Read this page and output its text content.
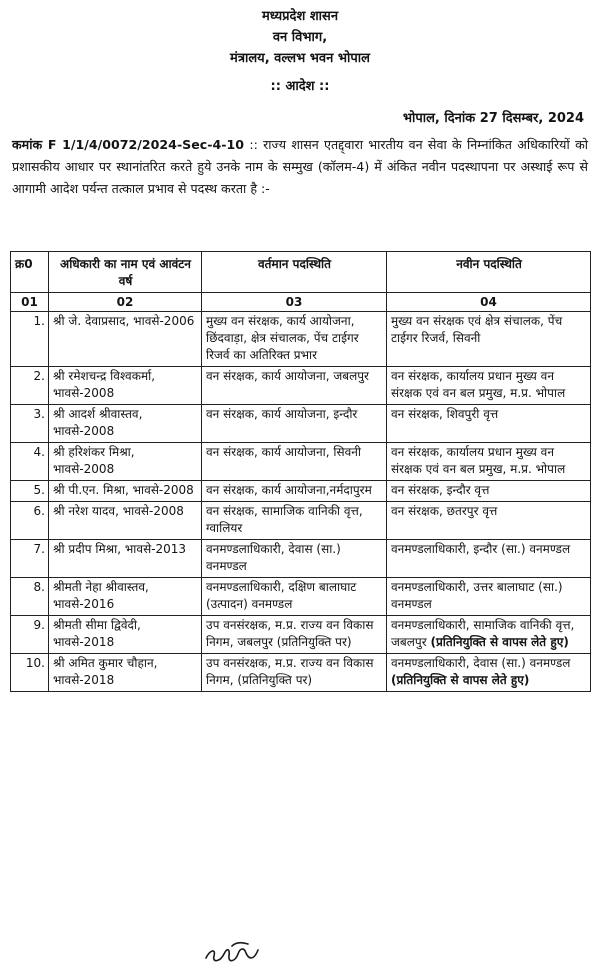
मध्यप्रदेश शासन
वन विभाग,
मंत्रालय, वल्लभ भवन भोपाल
:: आदेश ::
भोपाल, दिनांक 27 दिसम्बर, 2024
कमांक F 1/1/4/0072/2024-Sec-4-10 :: राज्य शासन एतद्द्वारा भारतीय वन सेवा के निम्नांकित अधिकारियों को प्रशासकीय आधार पर स्थानांतरित करते हुये उनके नाम के सम्मुख (कॉलम-4) में अंकित नवीन पदस्थापना पर अस्थाई रूप से आगामी आदेश पर्यन्त तत्काल प्रभाव से पदस्थ करता है :-
क्र0	अधिकारी का नाम एवं आवंटन वर्ष	वर्तमान पदस्थिति	नवीन पदस्थिति
01	02	03	04
1.	श्री जे. देवाप्रसाद, भावसे-2006	मुख्य वन संरक्षक, कार्य आयोजना, छिंदवाड़ा, क्षेत्र संचालक, पेंच टाईगर रिजर्व का अतिरिक्त प्रभार	मुख्य वन संरक्षक एवं क्षेत्र संचालक, पेंच टाईगर रिजर्व, सिवनी
2.	श्री रमेशचन्द्र विश्वकर्मा, भावसे-2008	वन संरक्षक, कार्य आयोजना, जबलपुर	वन संरक्षक, कार्यालय प्रधान मुख्य वन संरक्षक एवं वन बल प्रमुख, म.प्र. भोपाल
3.	श्री आदर्श श्रीवास्तव, भावसे-2008	वन संरक्षक, कार्य आयोजना, इन्दौर	वन संरक्षक, शिवपुरी वृत्त
4.	श्री हरिशंकर मिश्रा, भावसे-2008	वन संरक्षक, कार्य आयोजना, सिवनी	वन संरक्षक, कार्यालय प्रधान मुख्य वन संरक्षक एवं वन बल प्रमुख, म.प्र. भोपाल
5.	श्री पी.एन. मिश्रा, भावसे-2008	वन संरक्षक, कार्य आयोजना,नर्मदापुरम	वन संरक्षक, इन्दौर वृत्त
6.	श्री नरेश यादव, भावसे-2008	वन संरक्षक, सामाजिक वानिकी वृत्त, ग्वालियर	वन संरक्षक, छतरपुर वृत्त
7.	श्री प्रदीप मिश्रा, भावसे-2013	वनमण्डलाधिकारी, देवास (सा.) वनमण्डल	वनमण्डलाधिकारी, इन्दौर (सा.) वनमण्डल
8.	श्रीमती नेहा श्रीवास्तव, भावसे-2016	वनमण्डलाधिकारी, दक्षिण बालाघाट (उत्पादन) वनमण्डल	वनमण्डलाधिकारी, उत्तर बालाघाट (सा.) वनमण्डल
9.	श्रीमती सीमा द्विवेदी, भावसे-2018	उप वनसंरक्षक, म.प्र. राज्य वन विकास निगम, जबलपुर (प्रतिनियुक्ति पर)	वनमण्डलाधिकारी, सामाजिक वानिकी वृत्त, जबलपुर (प्रतिनियुक्ति से वापस लेते हुए)
10.	श्री अमित कुमार चौहान, भावसे-2018	उप वनसंरक्षक, म.प्र. राज्य वन विकास निगम, (प्रतिनियुक्ति पर)	वनमण्डलाधिकारी, देवास (सा.) वनमण्डल (प्रतिनियुक्ति से वापस लेते हुए)
